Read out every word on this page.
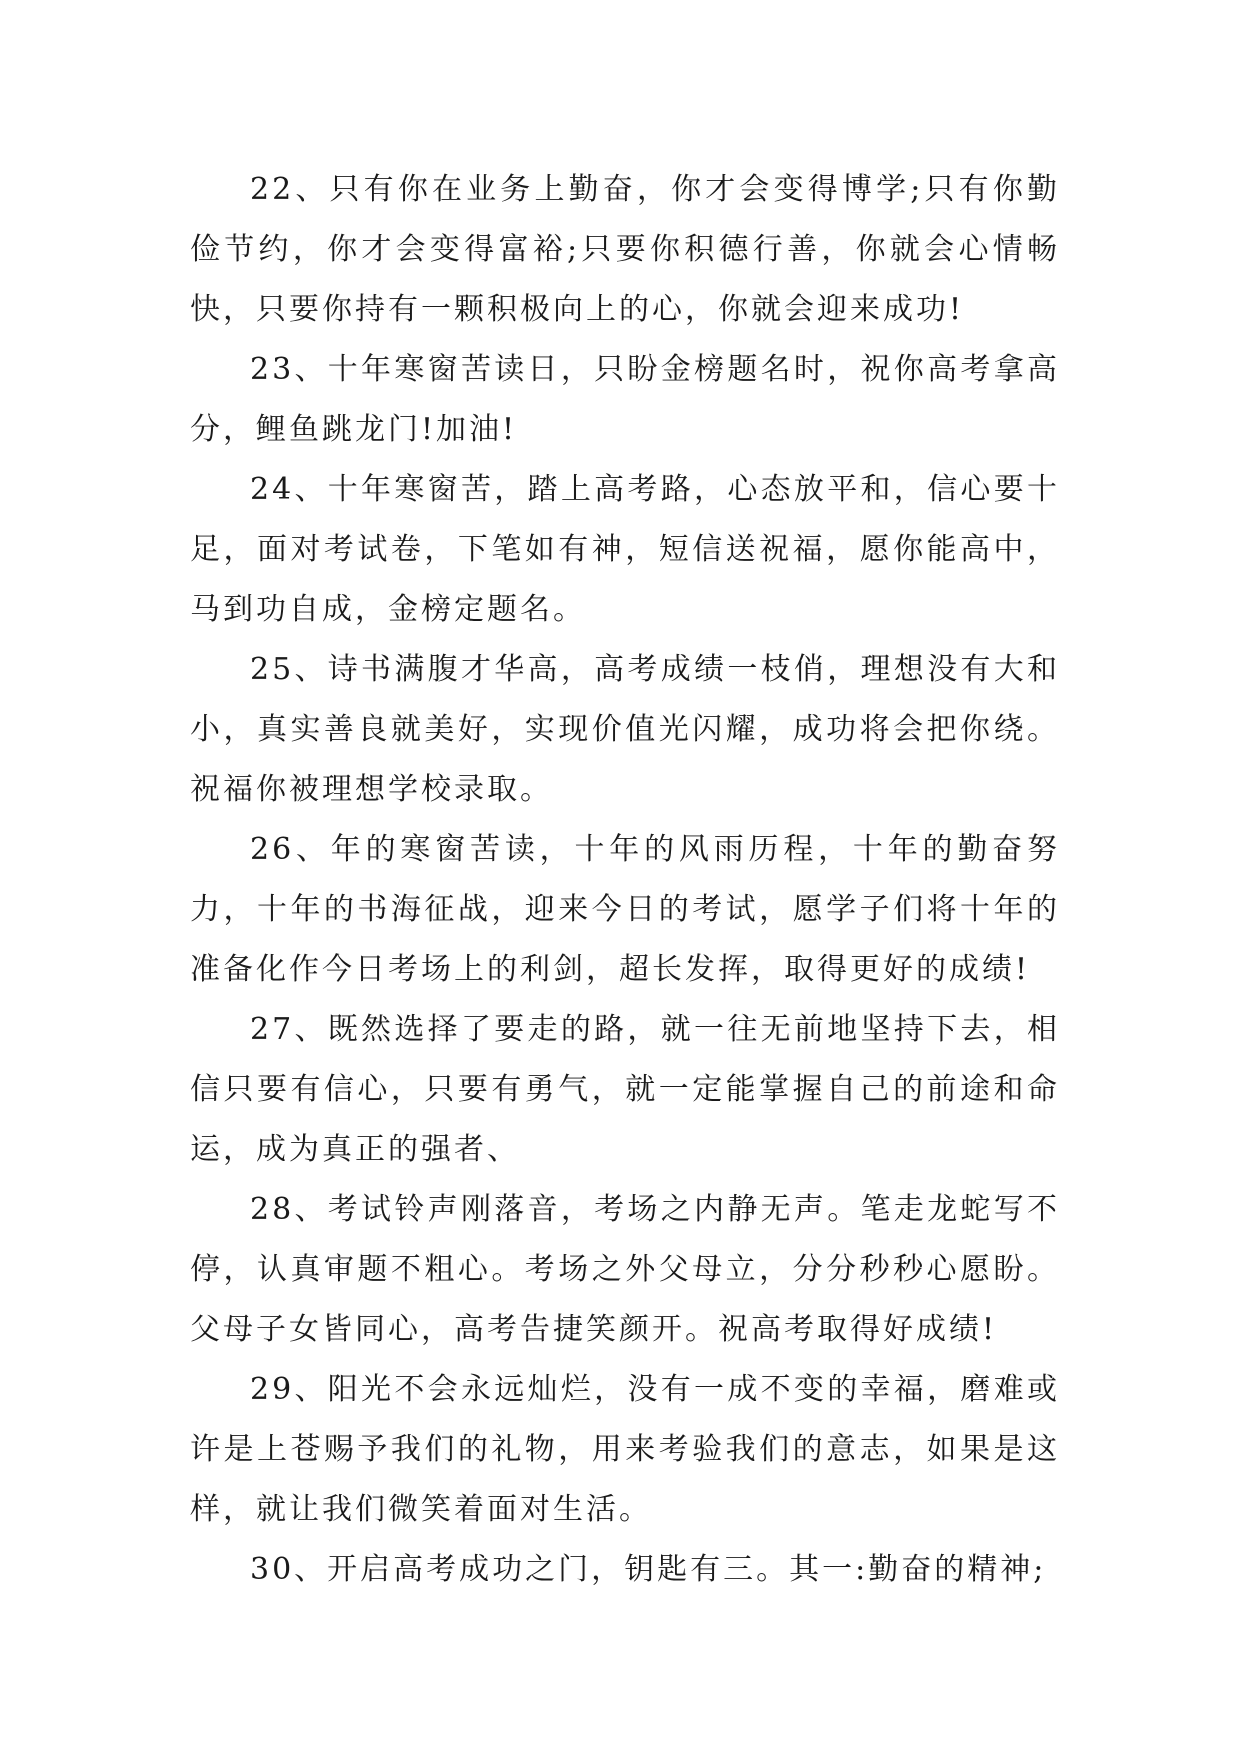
22、只有你在业务上勤奋，你才会变得博学;只有你勤俭节约，你才会变得富裕;只要你积德行善，你就会心情畅快，只要你持有一颗积极向上的心，你就会迎来成功!

23、十年寒窗苦读日，只盼金榜题名时，祝你高考拿高分，鲤鱼跳龙门!加油!

24、十年寒窗苦，踏上高考路，心态放平和，信心要十足，面对考试卷，下笔如有神，短信送祝福，愿你能高中，马到功自成，金榜定题名。

25、诗书满腹才华高，高考成绩一枝俏，理想没有大和小，真实善良就美好，实现价值光闪耀，成功将会把你绕。祝福你被理想学校录取。

26、年的寒窗苦读，十年的风雨历程，十年的勤奋努力，十年的书海征战，迎来今日的考试，愿学子们将十年的准备化作今日考场上的利剑，超长发挥，取得更好的成绩!

27、既然选择了要走的路，就一往无前地坚持下去，相信只要有信心，只要有勇气，就一定能掌握自己的前途和命运，成为真正的强者、

28、考试铃声刚落音，考场之内静无声。笔走龙蛇写不停，认真审题不粗心。考场之外父母立，分分秒秒心愿盼。父母子女皆同心，高考告捷笑颜开。祝高考取得好成绩!

29、阳光不会永远灿烂，没有一成不变的幸福，磨难或许是上苍赐予我们的礼物，用来考验我们的意志，如果是这样，就让我们微笑着面对生活。

30、开启高考成功之门，钥匙有三。其一:勤奋的精神;
